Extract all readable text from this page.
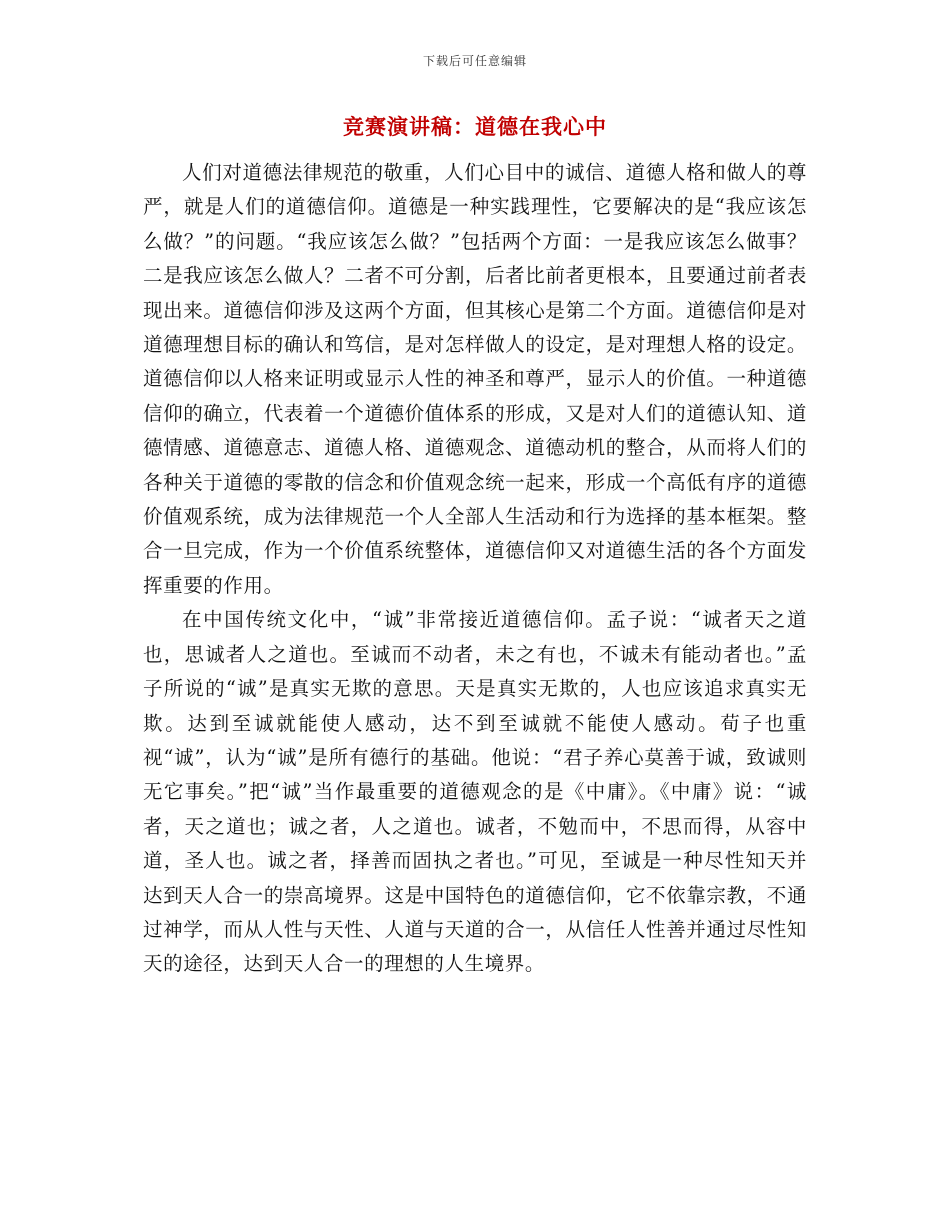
下载后可任意编辑
竞赛演讲稿：道德在我心中

人们对道德法律规范的敬重，人们心目中的诚信、道德人格和做人的尊严，就是人们的道德信仰。道德是一种实践理性，它要解决的是“我应该怎么做？”的问题。“我应该怎么做？”包括两个方面：一是我应该怎么做事？二是我应该怎么做人？二者不可分割，后者比前者更根本，且要通过前者表现出来。道德信仰涉及这两个方面，但其核心是第二个方面。道德信仰是对道德理想目标的确认和笃信，是对怎样做人的设定，是对理想人格的设定。道德信仰以人格来证明或显示人性的神圣和尊严，显示人的价值。一种道德信仰的确立，代表着一个道德价值体系的形成，又是对人们的道德认知、道德情感、道德意志、道德人格、道德观念、道德动机的整合，从而将人们的各种关于道德的零散的信念和价值观念统一起来，形成一个高低有序的道德价值观系统，成为法律规范一个人全部人生活动和行为选择的基本框架。整合一旦完成，作为一个价值系统整体，道德信仰又对道德生活的各个方面发挥重要的作用。

在中国传统文化中，“诚”非常接近道德信仰。孟子说：“诚者天之道也，思诚者人之道也。至诚而不动者，未之有也，不诚未有能动者也。”孟子所说的“诚”是真实无欺的意思。天是真实无欺的，人也应该追求真实无欺。达到至诚就能使人感动，达不到至诚就不能使人感动。荀子也重视“诚”，认为“诚”是所有德行的基础。他说：“君子养心莫善于诚，致诚则无它事矣。”把“诚”当作最重要的道德观念的是《中庸》。《中庸》说：“诚者，天之道也；诚之者，人之道也。诚者，不勉而中，不思而得，从容中道，圣人也。诚之者，择善而固执之者也。”可见，至诚是一种尽性知天并达到天人合一的崇高境界。这是中国特色的道德信仰，它不依靠宗教，不通过神学，而从人性与天性、人道与天道的合一，从信任人性善并通过尽性知天的途径，达到天人合一的理想的人生境界。
